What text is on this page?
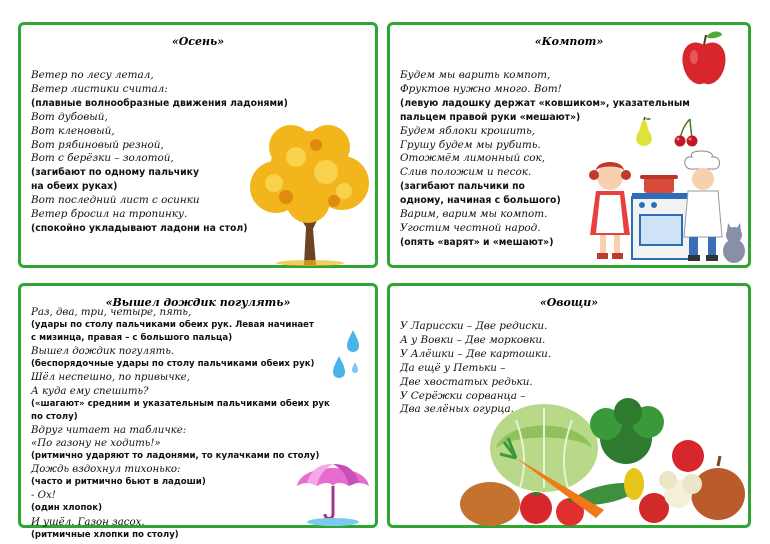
«Осень»
Ветер по лесу летал,
Ветер листики считал:
(плавные волнообразные движения ладонями)
Вот дубовый,
Вот кленовый,
Вот рябиновый резной,
Вот с берёзки – золотой,
(загибают по одному пальчику
на обеих руках)
Вот последний лист с осинки
Ветер бросил на тропинку.
(спокойно укладывают ладони на стол)
«Компот»
Будем мы варить компот,
Фруктов нужно много. Вот!
(левую ладошку держат «ковшиком», указательным
пальцем правой руки «мешают»)
Будем яблоки крошить,
Грушу будем мы рубить.
Отожмём лимонный сок,
Слив положим и песок.
(загибают пальчики по
одному, начиная с большого)
Варим, варим мы компот.
Угостим честной народ.
(опять «варят» и «мешают»)
«Вышел дождик погулять»
Раз, два, три, четыре, пять,
(удары по столу пальчиками обеих рук. Левая начинает
с мизинца, правая – с большого пальца)
Вышел дождик погулять.
(беспорядочные удары по столу пальчиками обеих рук)
Шёл неспешно, по привычке,
А куда ему спешить?
(«шагают» средним и указательным пальчиками обеих рук
по столу)
Вдруг читает на табличке:
«По газону не ходить!»
(ритмично ударяют то ладонями, то кулачками по столу)
Дождь вздохнул тихонько:
(часто и ритмично бьют в ладоши)
- Ох!
(один хлопок)
И ушёл. Газон засох.
(ритмичные хлопки по столу)
«Овощи»
У Ларисски – Две редиски.
А у Вовки – Две морковки.
У Алёшки – Две картошки.
Да ещё у Петьки –
Две хвостатых редьки.
У Серёжки сорванца –
Два зелёных огурца.
